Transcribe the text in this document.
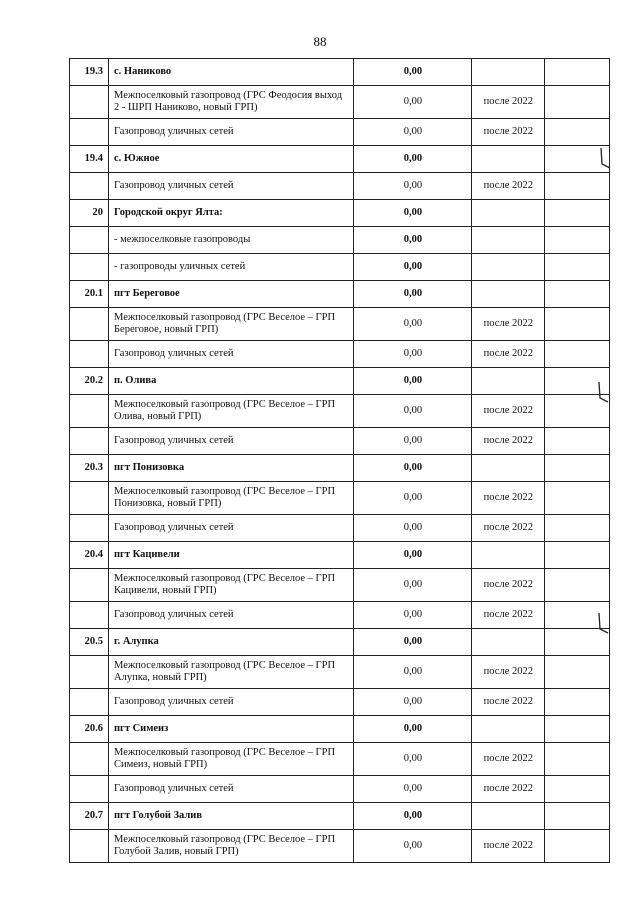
88
19.3	с. Наниково	0,00		
	Межпоселковый газопровод (ГРС Феодосия выход 2 - ШРП Наниково, новый ГРП)	0,00	после 2022	
	Газопровод уличных сетей	0,00	после 2022	
19.4	с. Южное	0,00		
	Газопровод уличных сетей	0,00	после 2022	
20	Городской округ Ялта:	0,00		
	- межпоселковые газопроводы	0,00		
	- газопроводы уличных сетей	0,00		
20.1	пгт Береговое	0,00		
	Межпоселковый газопровод (ГРС Веселое – ГРП Береговое, новый ГРП)	0,00	после 2022	
	Газопровод уличных сетей	0,00	после 2022	
20.2	п. Олива	0,00		
	Межпоселковый газопровод (ГРС Веселое – ГРП Олива, новый ГРП)	0,00	после 2022	
	Газопровод уличных сетей	0,00	после 2022	
20.3	пгт Понизовка	0,00		
	Межпоселковый газопровод (ГРС Веселое – ГРП Понизовка, новый ГРП)	0,00	после 2022	
	Газопровод уличных сетей	0,00	после 2022	
20.4	пгт Кацивели	0,00		
	Межпоселковый газопровод (ГРС Веселое – ГРП Кацивели, новый ГРП)	0,00	после 2022	
	Газопровод уличных сетей	0,00	после 2022	
20.5	г. Алупка	0,00		
	Межпоселковый газопровод (ГРС Веселое – ГРП Алупка, новый ГРП)	0,00	после 2022	
	Газопровод уличных сетей	0,00	после 2022	
20.6	пгт Симеиз	0,00		
	Межпоселковый газопровод (ГРС Веселое – ГРП Симеиз, новый ГРП)	0,00	после 2022	
	Газопровод уличных сетей	0,00	после 2022	
20.7	пгт Голубой Залив	0,00		
	Межпоселковый газопровод (ГРС Веселое – ГРП Голубой Залив, новый ГРП)	0,00	после 2022	
